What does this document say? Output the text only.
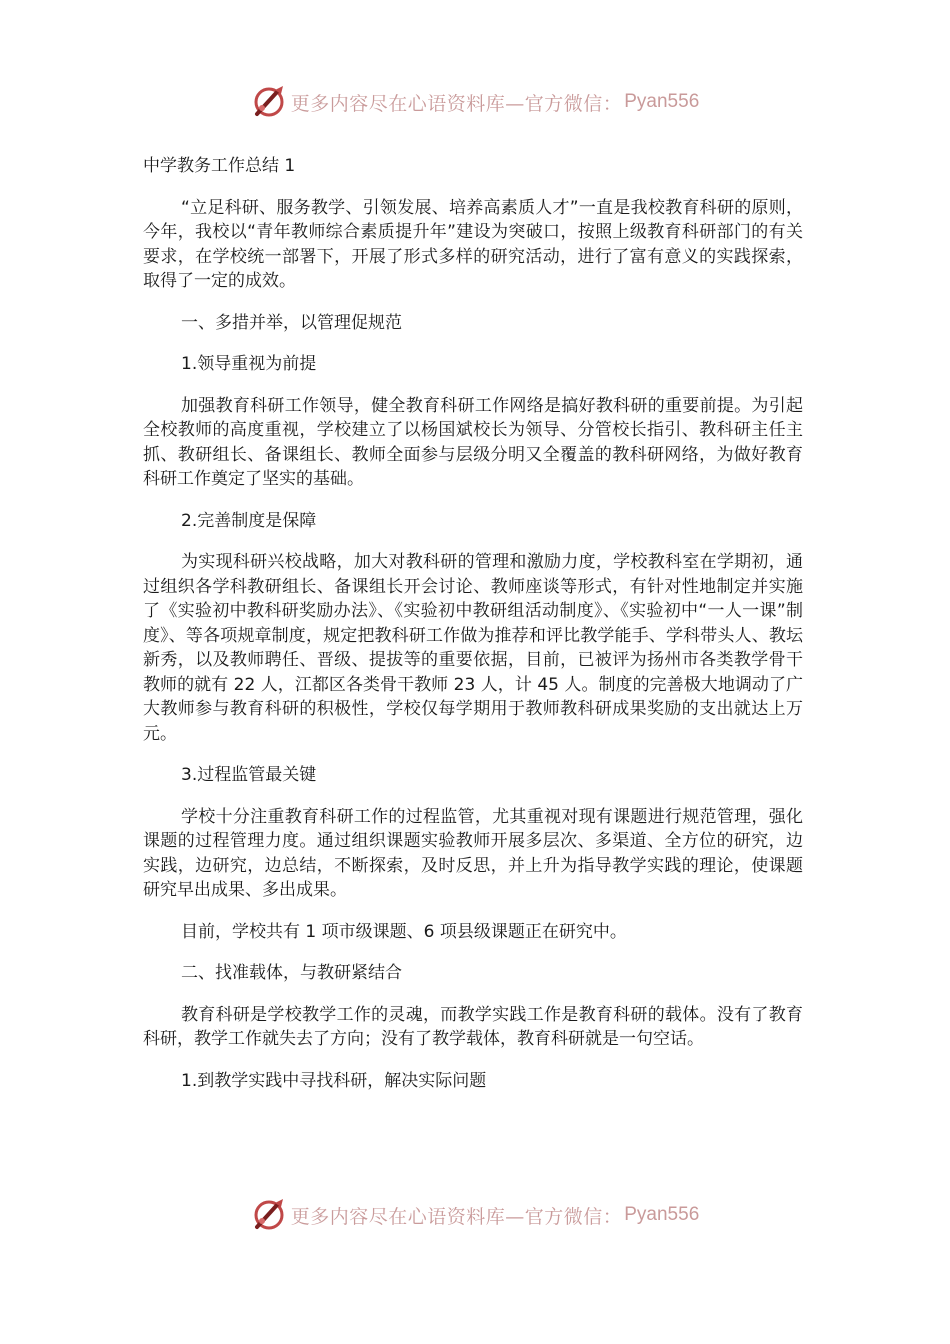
更多内容尽在心语资料库—官方微信： Pyan556

中学教务工作总结 1

“立足科研、服务教学、引领发展、培养高素质人才”一直是我校教育科研的原则，今年，我校以“青年教师综合素质提升年”建设为突破口，按照上级教育科研部门的有关要求，在学校统一部署下，开展了形式多样的研究活动，进行了富有意义的实践探索，取得了一定的成效。

一、多措并举，以管理促规范

1.领导重视为前提

加强教育科研工作领导，健全教育科研工作网络是搞好教科研的重要前提。为引起全校教师的高度重视，学校建立了以杨国斌校长为领导、分管校长指引、教科研主任主抓、教研组长、备课组长、教师全面参与层级分明又全覆盖的教科研网络，为做好教育科研工作奠定了坚实的基础。

2.完善制度是保障

为实现科研兴校战略，加大对教科研的管理和激励力度，学校教科室在学期初，通过组织各学科教研组长、备课组长开会讨论、教师座谈等形式，有针对性地制定并实施了《实验初中教科研奖励办法》、《实验初中教研组活动制度》、《实验初中“一人一课”制度》、等各项规章制度，规定把教科研工作做为推荐和评比教学能手、学科带头人、教坛新秀，以及教师聘任、晋级、提拔等的重要依据，目前，已被评为扬州市各类教学骨干教师的就有 22 人，江都区各类骨干教师 23 人，计 45 人。制度的完善极大地调动了广大教师参与教育科研的积极性，学校仅每学期用于教师教科研成果奖励的支出就达上万元。

3.过程监管最关键

学校十分注重教育科研工作的过程监管，尤其重视对现有课题进行规范管理，强化课题的过程管理力度。通过组织课题实验教师开展多层次、多渠道、全方位的研究，边实践，边研究，边总结，不断探索，及时反思，并上升为指导教学实践的理论，使课题研究早出成果、多出成果。

目前，学校共有 1 项市级课题、6 项县级课题正在研究中。

二、找准载体，与教研紧结合

教育科研是学校教学工作的灵魂，而教学实践工作是教育科研的载体。没有了教育科研，教学工作就失去了方向；没有了教学载体，教育科研就是一句空话。

1.到教学实践中寻找科研，解决实际问题

更多内容尽在心语资料库—官方微信： Pyan556
